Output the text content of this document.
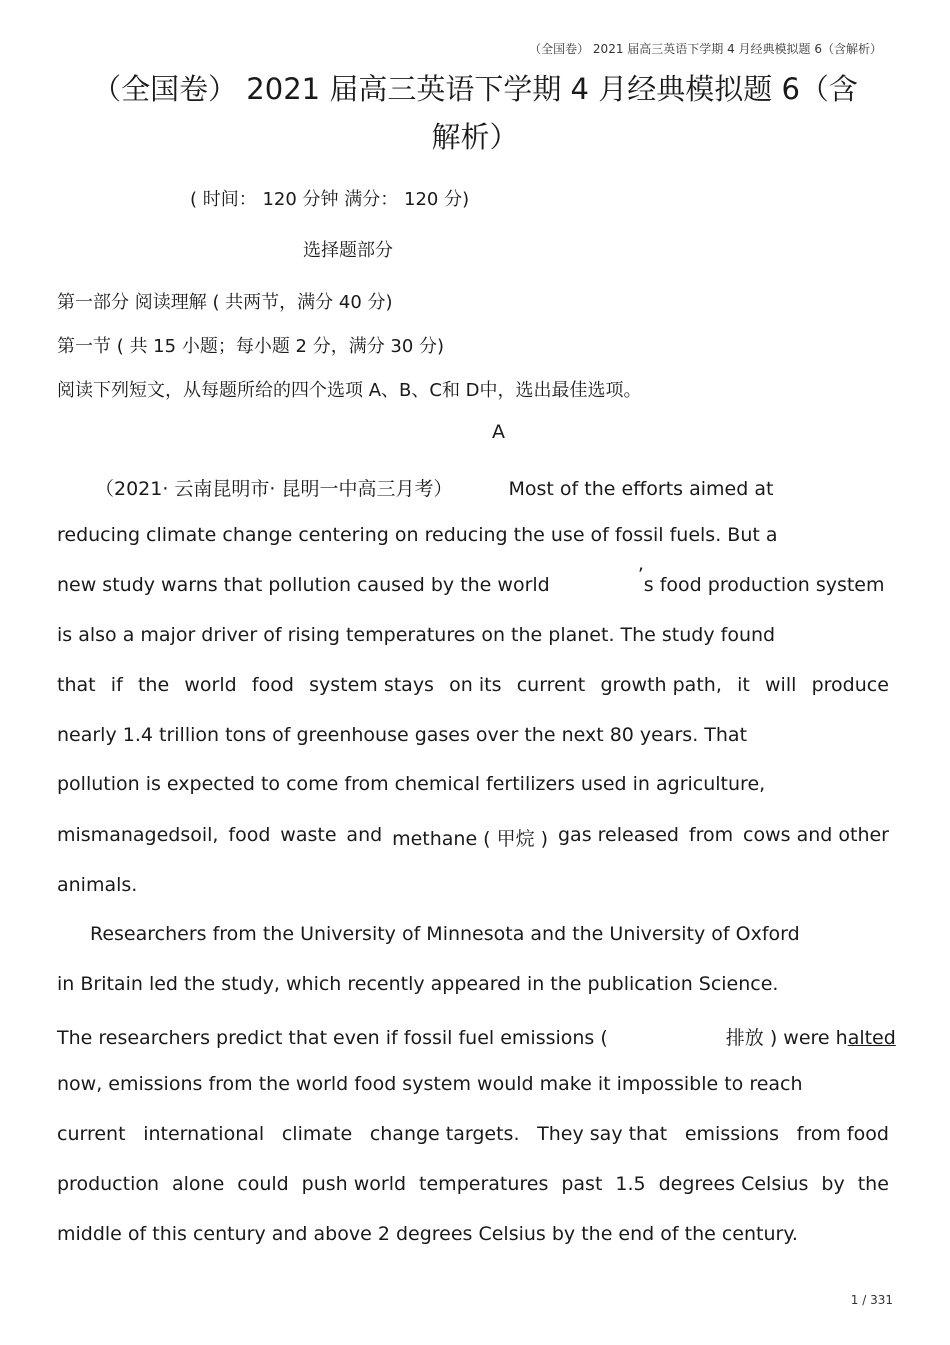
（全国卷） 2021 届高三英语下学期 4 月经典模拟题 6（含解析）
（全国卷） 2021 届高三英语下学期 4 月经典模拟题 6（含
解析）
( 时间： 120 分钟 满分： 120 分)
选择题部分
第一部分 阅读理解 ( 共两节，满分 40 分)
第一节 ( 共 15 小题；每小题 2 分，满分 30 分)
阅读下列短文，从每题所给的四个选项 A、B、C和 D中，选出最佳选项。
A
（2021· 云南昆明市· 昆明一中高三月考）	Most of the efforts aimed at
reducing climate change centering on reducing the use of fossil fuels. But a
new study warns that pollution caused by the world	’s food production system
is also a major driver of rising temperatures on the planet. The study found
that if the world food system stays on its current growth path, it will produce
nearly 1.4 trillion tons of greenhouse gases over the next 80 years. That
pollution is expected to come from chemical fertilizers used in agriculture,
mismanagedsoil, food waste and methane ( 甲烷 ) gas released from cows and other
animals.
Researchers from the University of Minnesota and the University of Oxford
in Britain led the study, which recently appeared in the publication Science.
The researchers predict that even if fossil fuel emissions (	排放 ) were halted
now, emissions from the world food system would make it impossible to reach
current international climate change targets. They say that emissions from food
production alone could push world temperatures past 1.5 degrees Celsius by the
middle of this century and above 2 degrees Celsius by the end of the century.
1 / 331
